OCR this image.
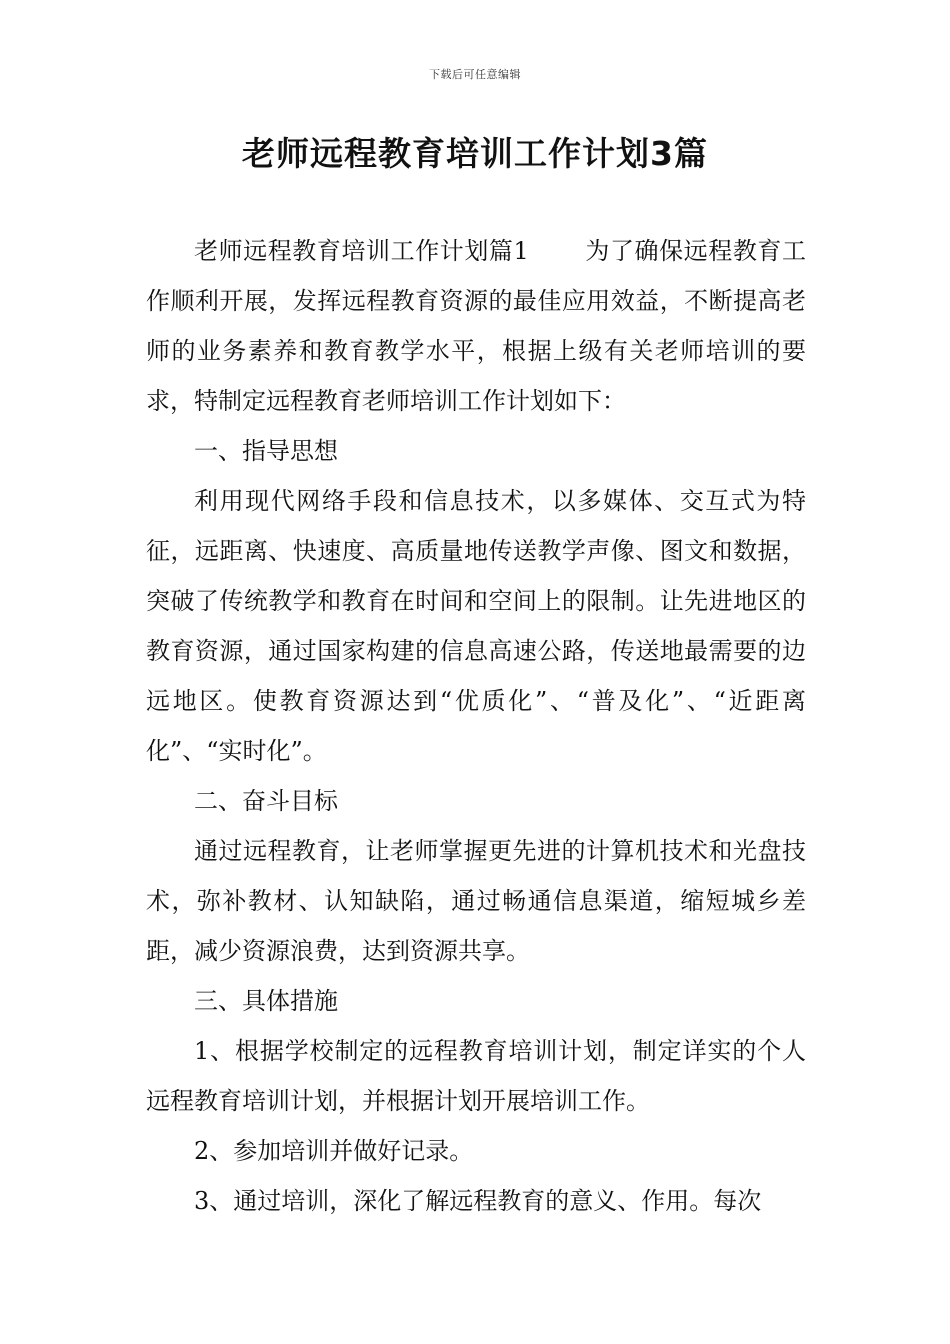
下载后可任意编辑
老师远程教育培训工作计划3篇

老师远程教育培训工作计划篇1 为了确保远程教育工作顺利开展，发挥远程教育资源的最佳应用效益，不断提高老师的业务素养和教育教学水平，根据上级有关老师培训的要求，特制定远程教育老师培训工作计划如下：

一、指导思想

利用现代网络手段和信息技术，以多媒体、交互式为特征，远距离、快速度、高质量地传送教学声像、图文和数据，突破了传统教学和教育在时间和空间上的限制。让先进地区的教育资源，通过国家构建的信息高速公路，传送地最需要的边远地区。使教育资源达到“优质化”、“普及化”、“近距离化”、“实时化”。

二、奋斗目标

通过远程教育，让老师掌握更先进的计算机技术和光盘技术，弥补教材、认知缺陷，通过畅通信息渠道，缩短城乡差距，减少资源浪费，达到资源共享。

三、具体措施

1、根据学校制定的远程教育培训计划，制定详实的个人远程教育培训计划，并根据计划开展培训工作。

2、参加培训并做好记录。

3、通过培训，深化了解远程教育的意义、作用。每次
